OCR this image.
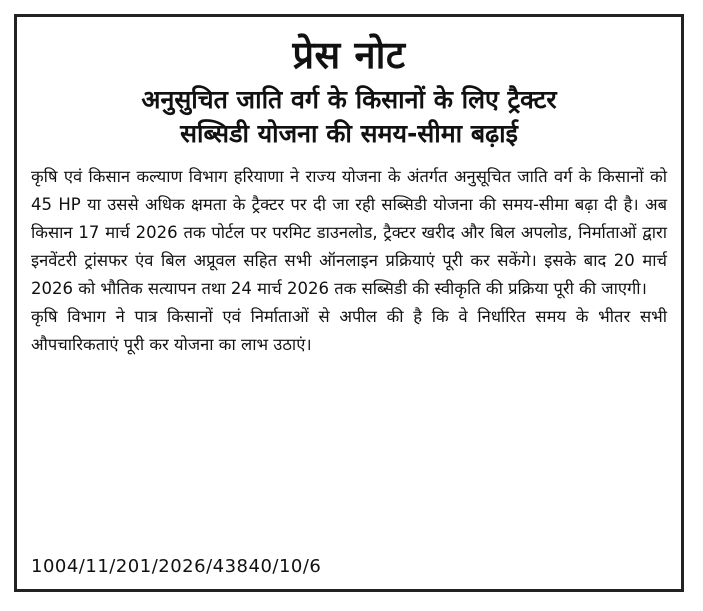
प्रेस नोट
अनुसुचित जाति वर्ग के किसानों के लिए ट्रैक्टर
सब्सिडी योजना की समय-सीमा बढ़ाई

कृषि एवं किसान कल्याण विभाग हरियाणा ने राज्य योजना के अंतर्गत अनुसूचित जाति वर्ग के किसानों को 45 HP या उससे अधिक क्षमता के ट्रैक्टर पर दी जा रही सब्सिडी योजना की समय-सीमा बढ़ा दी है। अब किसान 17 मार्च 2026 तक पोर्टल पर परमिट डाउनलोड, ट्रैक्टर खरीद और बिल अपलोड, निर्माताओं द्वारा इनवेंटरी ट्रांसफर एंव बिल अप्रूवल सहित सभी ऑनलाइन प्रक्रियाएं पूरी कर सकेंगे। इसके बाद 20 मार्च 2026 को भौतिक सत्यापन तथा 24 मार्च 2026 तक सब्सिडी की स्वीकृति की प्रक्रिया पूरी की जाएगी।

कृषि विभाग ने पात्र किसानों एवं निर्माताओं से अपील की है कि वे निर्धारित समय के भीतर सभी औपचारिकताएं पूरी कर योजना का लाभ उठाएं।

1004/11/201/2026/43840/10/6
